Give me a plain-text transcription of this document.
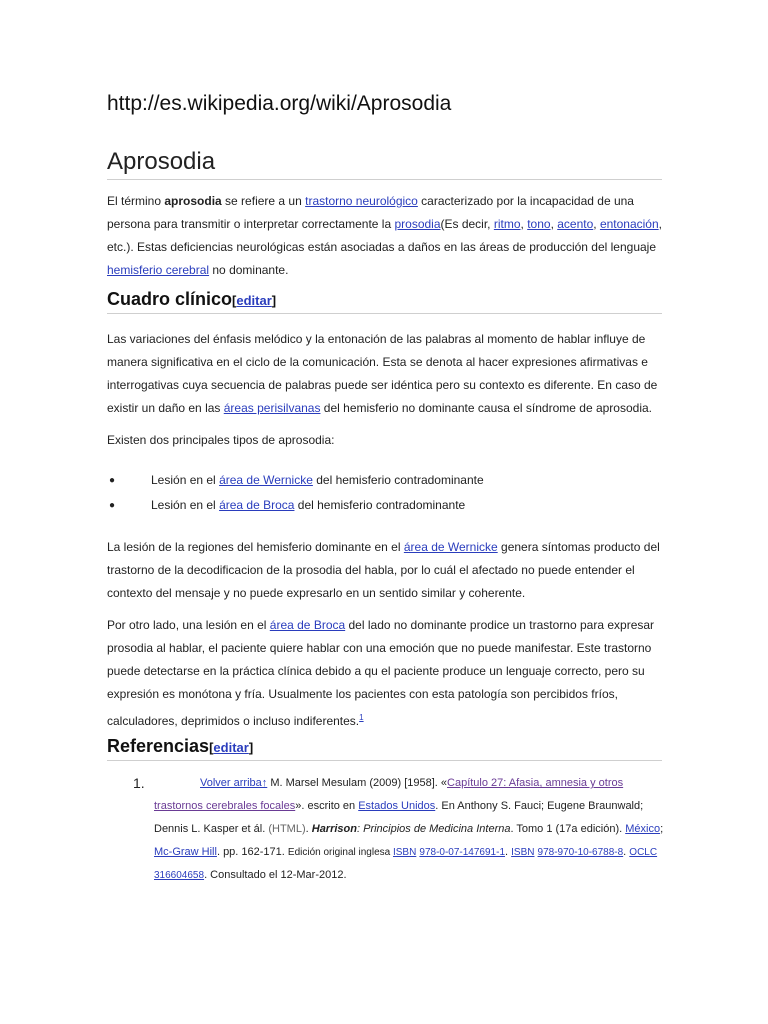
http://es.wikipedia.org/wiki/Aprosodia
Aprosodia

El término aprosodia se refiere a un trastorno neurológico caracterizado por la incapacidad de una persona para transmitir o interpretar correctamente la prosodia(Es decir, ritmo, tono, acento, entonación, etc.). Estas deficiencias neurológicas están asociadas a daños en las áreas de producción del lenguaje hemisferio cerebral no dominante.

Cuadro clínico[editar]

Las variaciones del énfasis melódico y la entonación de las palabras al momento de hablar influye de manera significativa en el ciclo de la comunicación. Esta se denota al hacer expresiones afirmativas e interrogativas cuya secuencia de palabras puede ser idéntica pero su contexto es diferente. En caso de existir un daño en las áreas perisilvanas del hemisferio no dominante causa el síndrome de aprosodia.

Existen dos principales tipos de aprosodia:

●	Lesión en el área de Wernicke del hemisferio contradominante
●	Lesión en el área de Broca del hemisferio contradominante

La lesión de la regiones del hemisferio dominante en el área de Wernicke genera síntomas producto del trastorno de la decodificacion de la prosodia del habla, por lo cuál el afectado no puede entender el contexto del mensaje y no puede expresarlo en un sentido similar y coherente.

Por otro lado, una lesión en el área de Broca del lado no dominante prodice un trastorno para expresar prosodia al hablar, el paciente quiere hablar con una emoción que no puede manifestar. Este trastorno puede detectarse en la práctica clínica debido a qu el paciente produce un lenguaje correcto, pero su expresión es monótona y fría. Usualmente los pacientes con esta patología son percibidos fríos, calculadores, deprimidos o incluso indiferentes.$^1$

Referencias[editar]
1.	Volver arriba↑ M. Marsel Mesulam (2009) [1958]. «Capítulo 27: Afasia, amnesia y otros trastornos cerebrales focales». escrito en Estados Unidos. En Anthony S. Fauci; Eugene Braunwald; Dennis L. Kasper et ál. (HTML). Harrison: Principios de Medicina Interna. Tomo 1 (17a edición). México; Mc-Graw Hill. pp. 162-171. Edición original inglesa ISBN 978-0-07-147691-1. ISBN 978-970-10-6788-8. OCLC 316604658. Consultado el 12-Mar-2012.
